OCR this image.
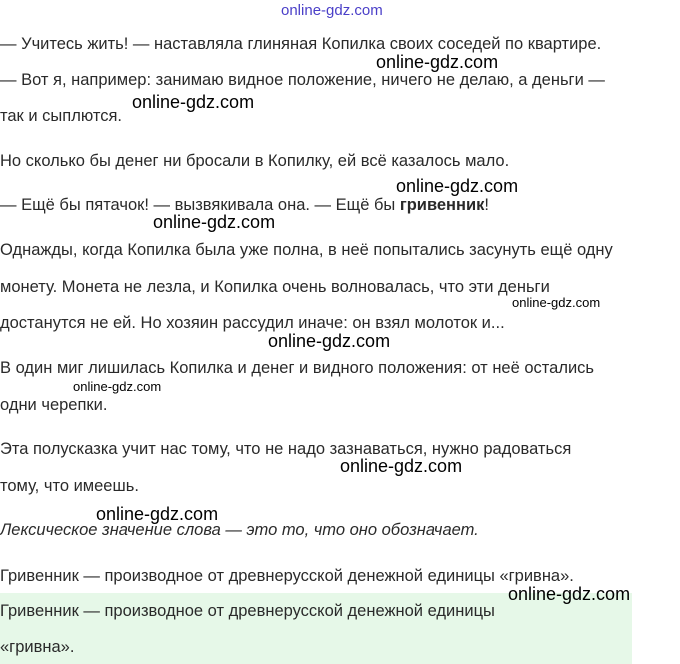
— Учитесь жить! — наставляла глиняная Копилка своих соседей по квартире.

— Вот я, например: занимаю видное положение, ничего не делаю, а деньги —

так и сыплются.

Но сколько бы денег ни бросали в Копилку, ей всё казалось мало.

— Ещё бы пятачок! — вызвякивала она. — Ещё бы гривенник!

Однажды, когда Копилка была уже полна, в неё попытались засунуть ещё одну

монету. Монета не лезла, и Копилка очень волновалась, что эти деньги

достанутся не ей. Но хозяин рассудил иначе: он взял молоток и...

В один миг лишилась Копилка и денег и видного положения: от неё остались

одни черепки.

Эта полусказка учит нас тому, что не надо зазнаваться, нужно радоваться

тому, что имеешь.

Лексическое значение слова — это то, что оно обозначает.

Гривенник — производное от древнерусской денежной единицы «гривна».

Гривенник — производное от древнерусской денежной единицы

«гривна».

online-gdz.com
online-gdz.com
online-gdz.com
online-gdz.com
online-gdz.com
online-gdz.com
online-gdz.com
online-gdz.com
online-gdz.com
online-gdz.com
online-gdz.com
